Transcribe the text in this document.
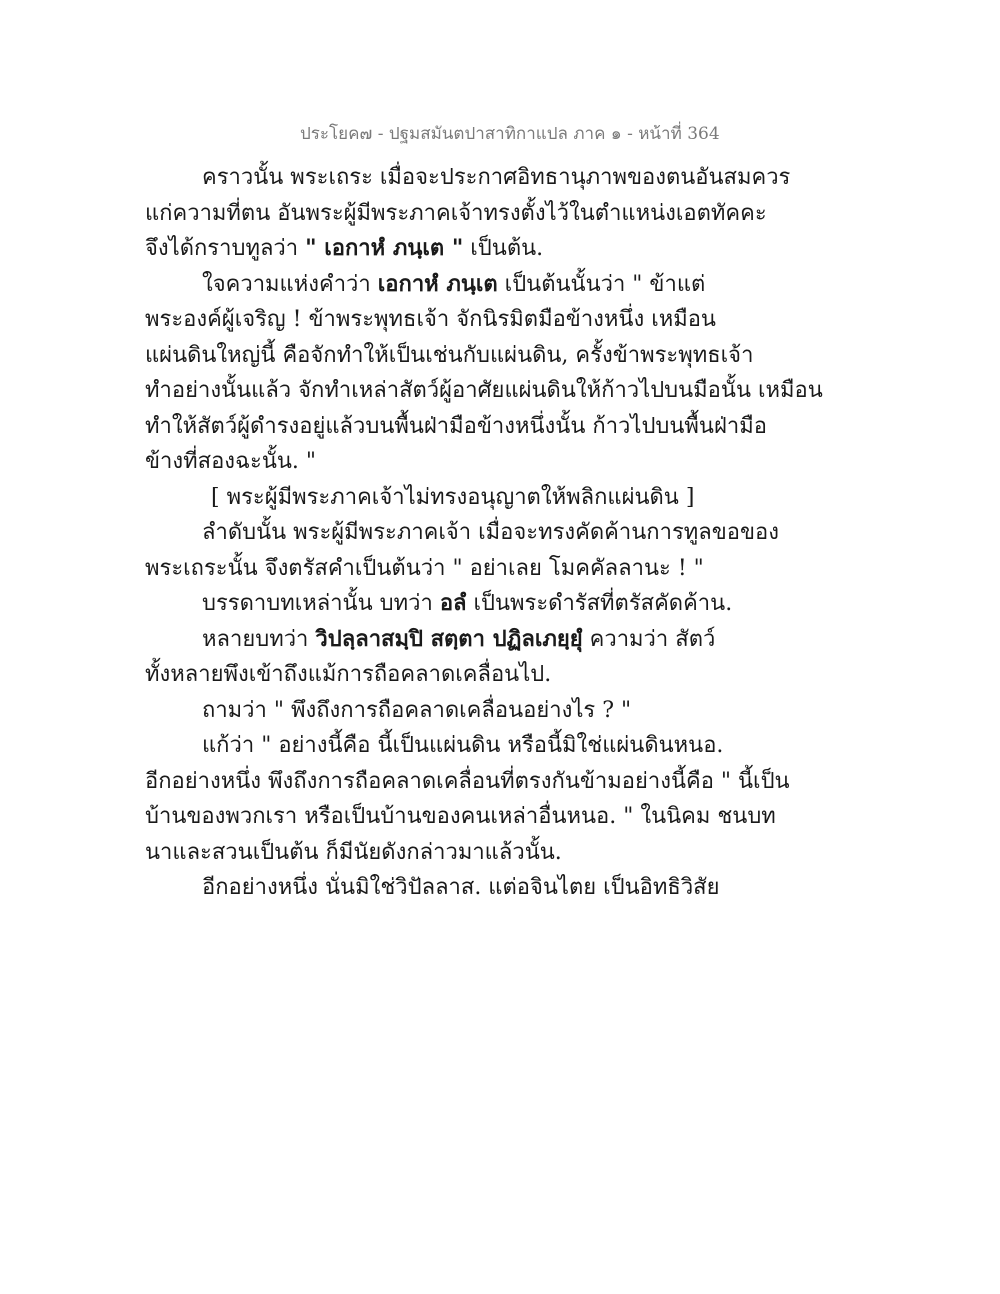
ประโยค๗ - ปฐมสมันตปาสาทิกาแปล ภาค ๑ - หน้าที่ 364
คราวนั้น พระเถระ เมื่อจะประกาศอิทธานุภาพของตนอันสมควร
แก่ความที่ตน อันพระผู้มีพระภาคเจ้าทรงตั้งไว้ในตำแหน่งเอตทัคคะ
จึงได้กราบทูลว่า " เอกาหํ ภนฺเต " เป็นต้น.
ใจความแห่งคำว่า เอกาหํ ภนฺเต เป็นต้นนั้นว่า " ข้าแต่
พระองค์ผู้เจริญ ! ข้าพระพุทธเจ้า จักนิรมิตมือข้างหนึ่ง เหมือน
แผ่นดินใหญ่นี้ คือจักทำให้เป็นเช่นกับแผ่นดิน, ครั้งข้าพระพุทธเจ้า
ทำอย่างนั้นแล้ว จักทำเหล่าสัตว์ผู้อาศัยแผ่นดินให้ก้าวไปบนมือนั้น เหมือน
ทำให้สัตว์ผู้ดำรงอยู่แล้วบนพื้นฝ่ามือข้างหนึ่งนั้น ก้าวไปบนพื้นฝ่ามือ
ข้างที่สองฉะนั้น. "
[ พระผู้มีพระภาคเจ้าไม่ทรงอนุญาตให้พลิกแผ่นดิน ]
ลำดับนั้น พระผู้มีพระภาคเจ้า เมื่อจะทรงคัดค้านการทูลขอของ
พระเถระนั้น จึงตรัสคำเป็นต้นว่า " อย่าเลย โมคคัลลานะ ! "
บรรดาบทเหล่านั้น บทว่า อลํ เป็นพระดำรัสที่ตรัสคัดค้าน.
หลายบทว่า วิปลฺลาสมฺปิ สตฺตา ปฏิลเภยฺยุํ ความว่า สัตว์
ทั้งหลายพึงเข้าถึงแม้การถือคลาดเคลื่อนไป.
ถามว่า " พึงถึงการถือคลาดเคลื่อนอย่างไร ? "
แก้ว่า " อย่างนี้คือ นี้เป็นแผ่นดิน หรือนี้มิใช่แผ่นดินหนอ.
อีกอย่างหนึ่ง พึงถึงการถือคลาดเคลื่อนที่ตรงกันข้ามอย่างนี้คือ " นี้เป็น
บ้านของพวกเรา หรือเป็นบ้านของคนเหล่าอื่นหนอ. " ในนิคม ชนบท
นาและสวนเป็นต้น ก็มีนัยดังกล่าวมาแล้วนั้น.
อีกอย่างหนึ่ง นั่นมิใช่วิปัลลาส. แต่อจินไตย เป็นอิทธิวิสัย
